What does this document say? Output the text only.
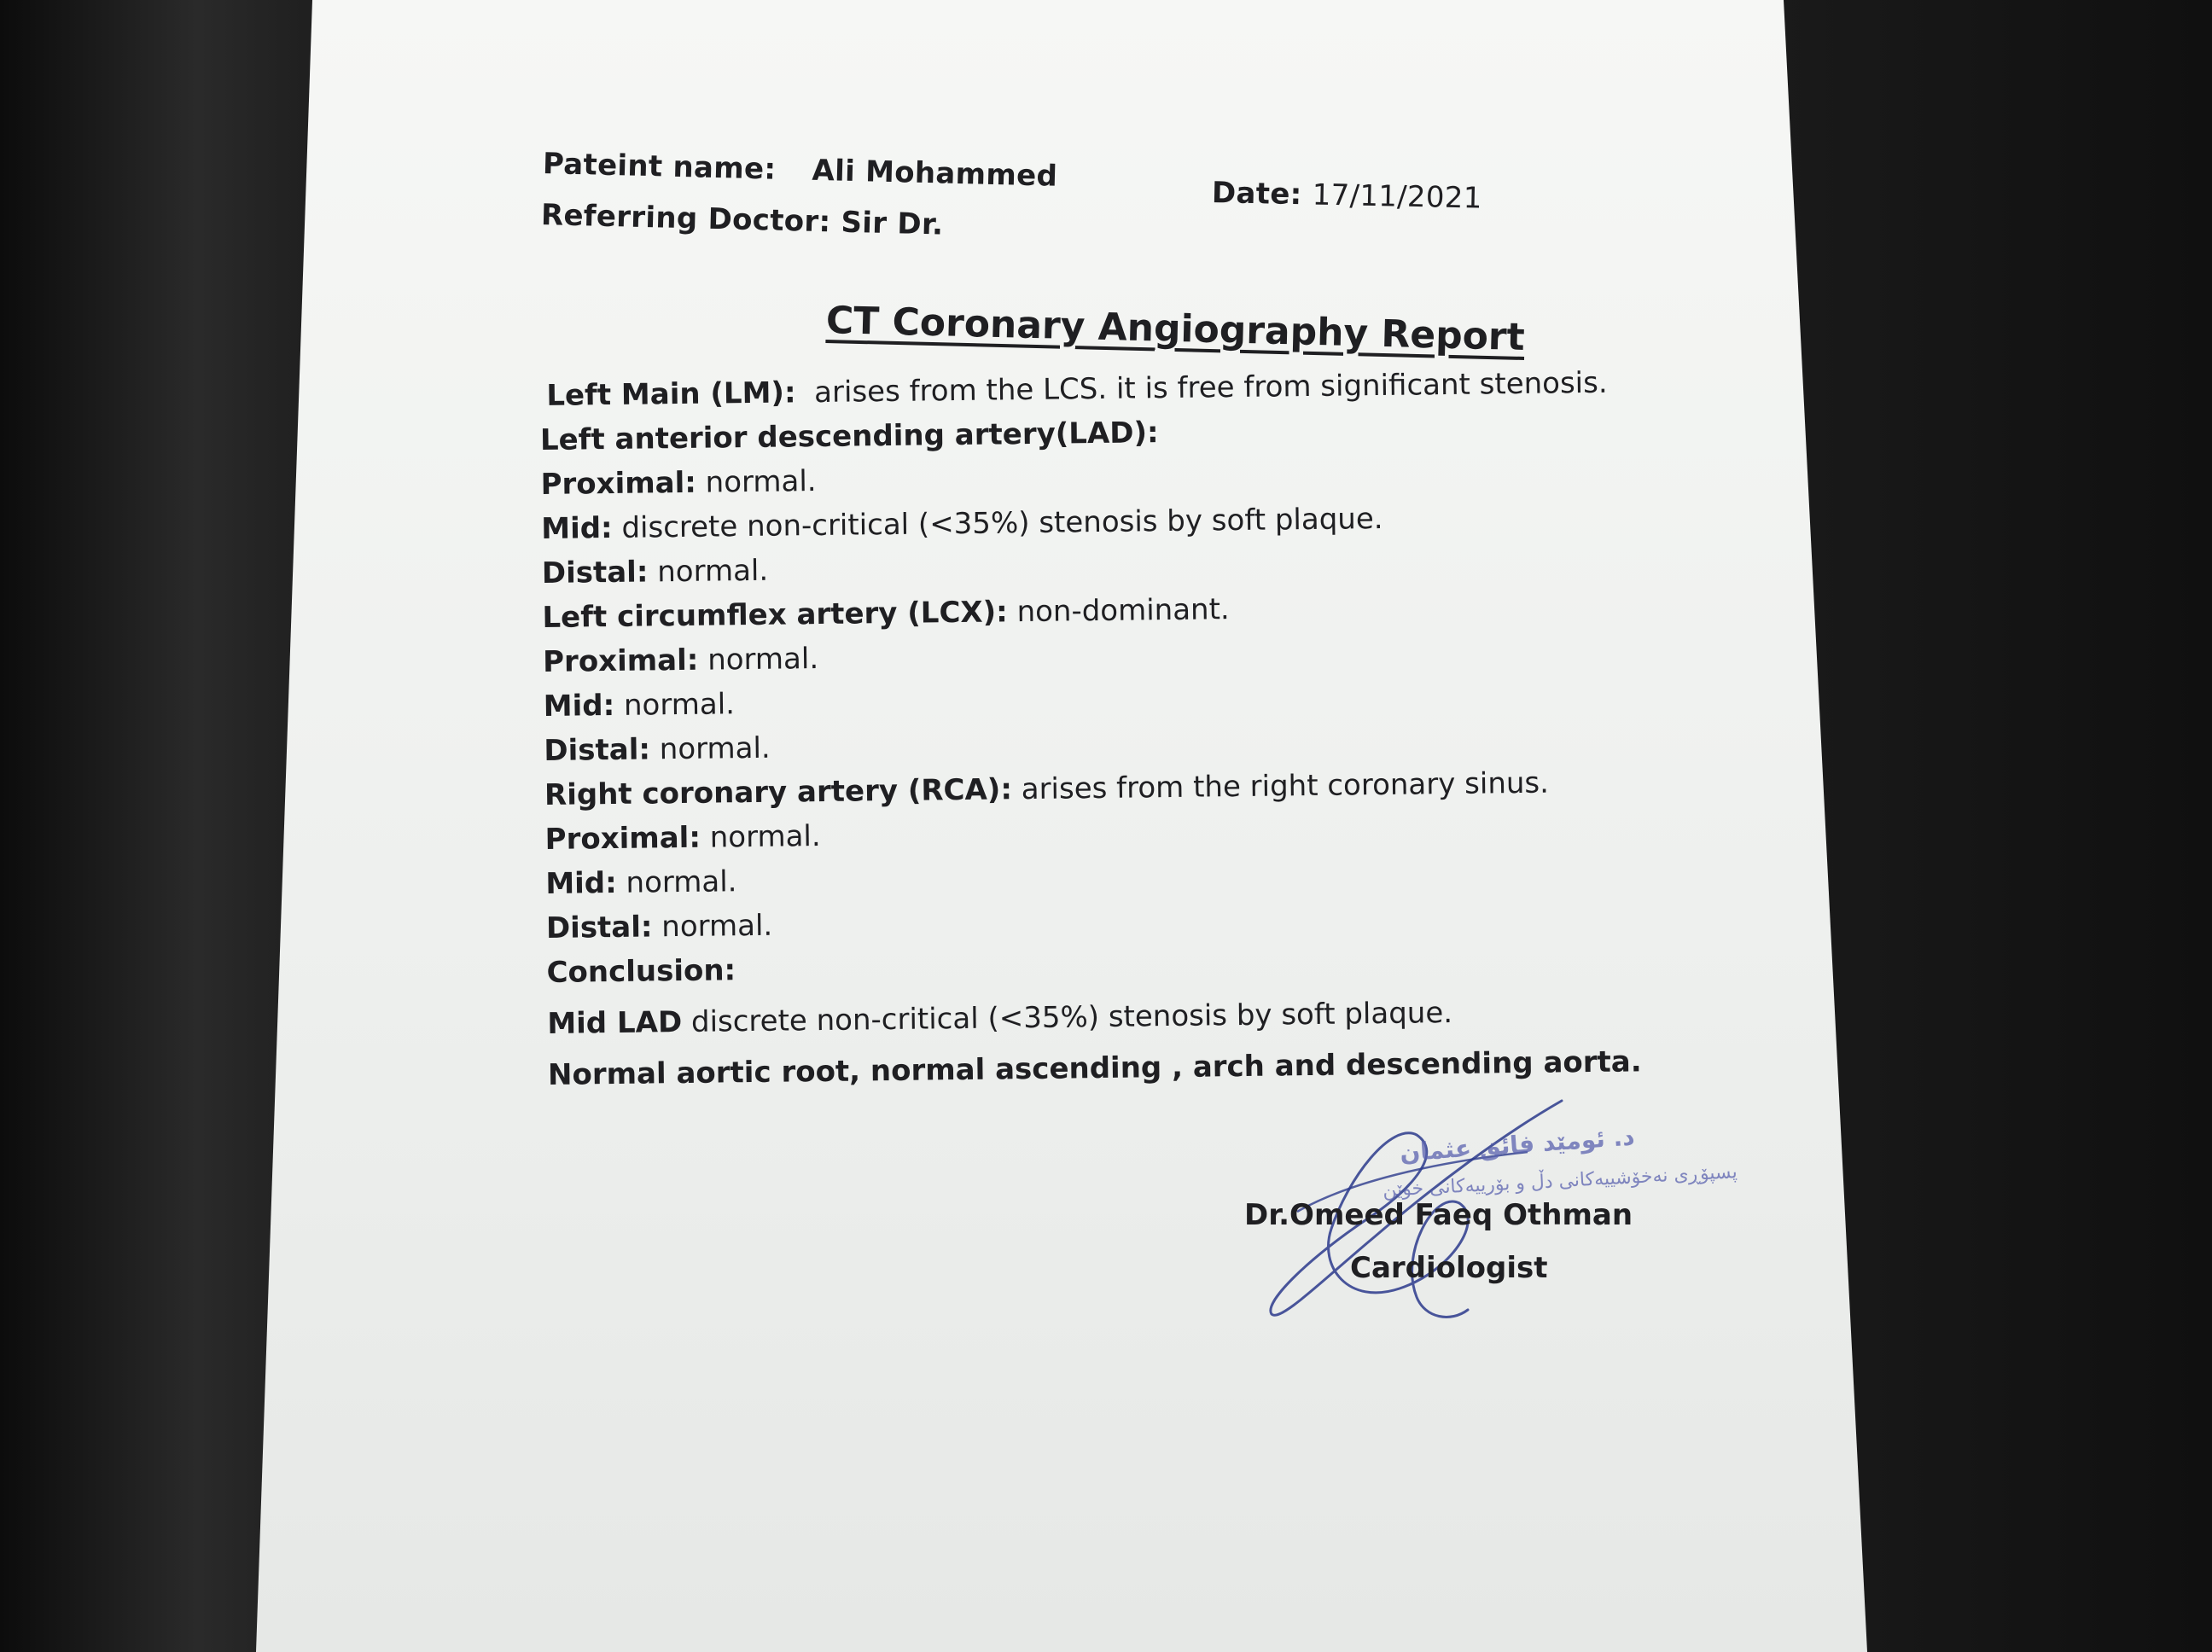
Pateint name: Ali Mohammed
Referring Doctor: Sir Dr.
Date: 17/11/2021
CT Coronary Angiography Report
Left Main (LM):  arises from the LCS. it is free from significant stenosis.
Left anterior descending artery(LAD):
Proximal: normal.
Mid: discrete non-critical (<35%) stenosis by soft plaque.
Distal: normal.
Left circumflex artery (LCX): non-dominant.
Proximal: normal.
Mid: normal.
Distal: normal.
Right coronary artery (RCA): arises from the right coronary sinus.
Proximal: normal.
Mid: normal.
Distal: normal.
Conclusion:
Mid LAD discrete non-critical (<35%) stenosis by soft plaque.
Normal aortic root, normal ascending , arch and descending aorta.
د. ئومێد فائق عثمان
پسپۆڕی نەخۆشییەکانی دڵ و بۆرییەکانی خوێن
Dr.Omeed Faeq Othman
Cardiologist
